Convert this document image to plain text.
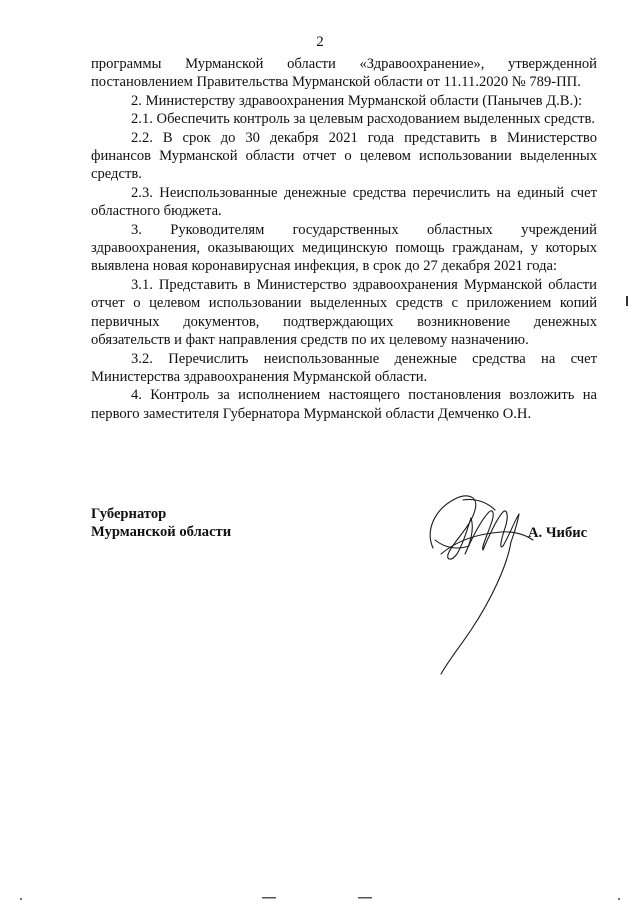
2

программы Мурманской области «Здравоохранение», утвержденной постановлением Правительства Мурманской области от 11.11.2020 № 789-ПП.

2. Министерству здравоохранения Мурманской области (Панычев Д.В.):

2.1. Обеспечить контроль за целевым расходованием выделенных средств.

2.2. В срок до 30 декабря 2021 года представить в Министерство финансов Мурманской области отчет о целевом использовании выделенных средств.

2.3. Неиспользованные денежные средства перечислить на единый счет областного бюджета.

3. Руководителям государственных областных учреждений здравоохранения, оказывающих медицинскую помощь гражданам, у которых выявлена новая коронавирусная инфекция, в срок до 27 декабря 2021 года:

3.1. Представить в Министерство здравоохранения Мурманской области отчет о целевом использовании выделенных средств с приложением копий первичных документов, подтверждающих возникновение денежных обязательств и факт направления средств по их целевому назначению.

3.2. Перечислить неиспользованные денежные средства на счет Министерства здравоохранения Мурманской области.

4. Контроль за исполнением настоящего постановления возложить на первого заместителя Губернатора Мурманской области Демченко О.Н.

Губернатор
Мурманской области	А. Чибис
